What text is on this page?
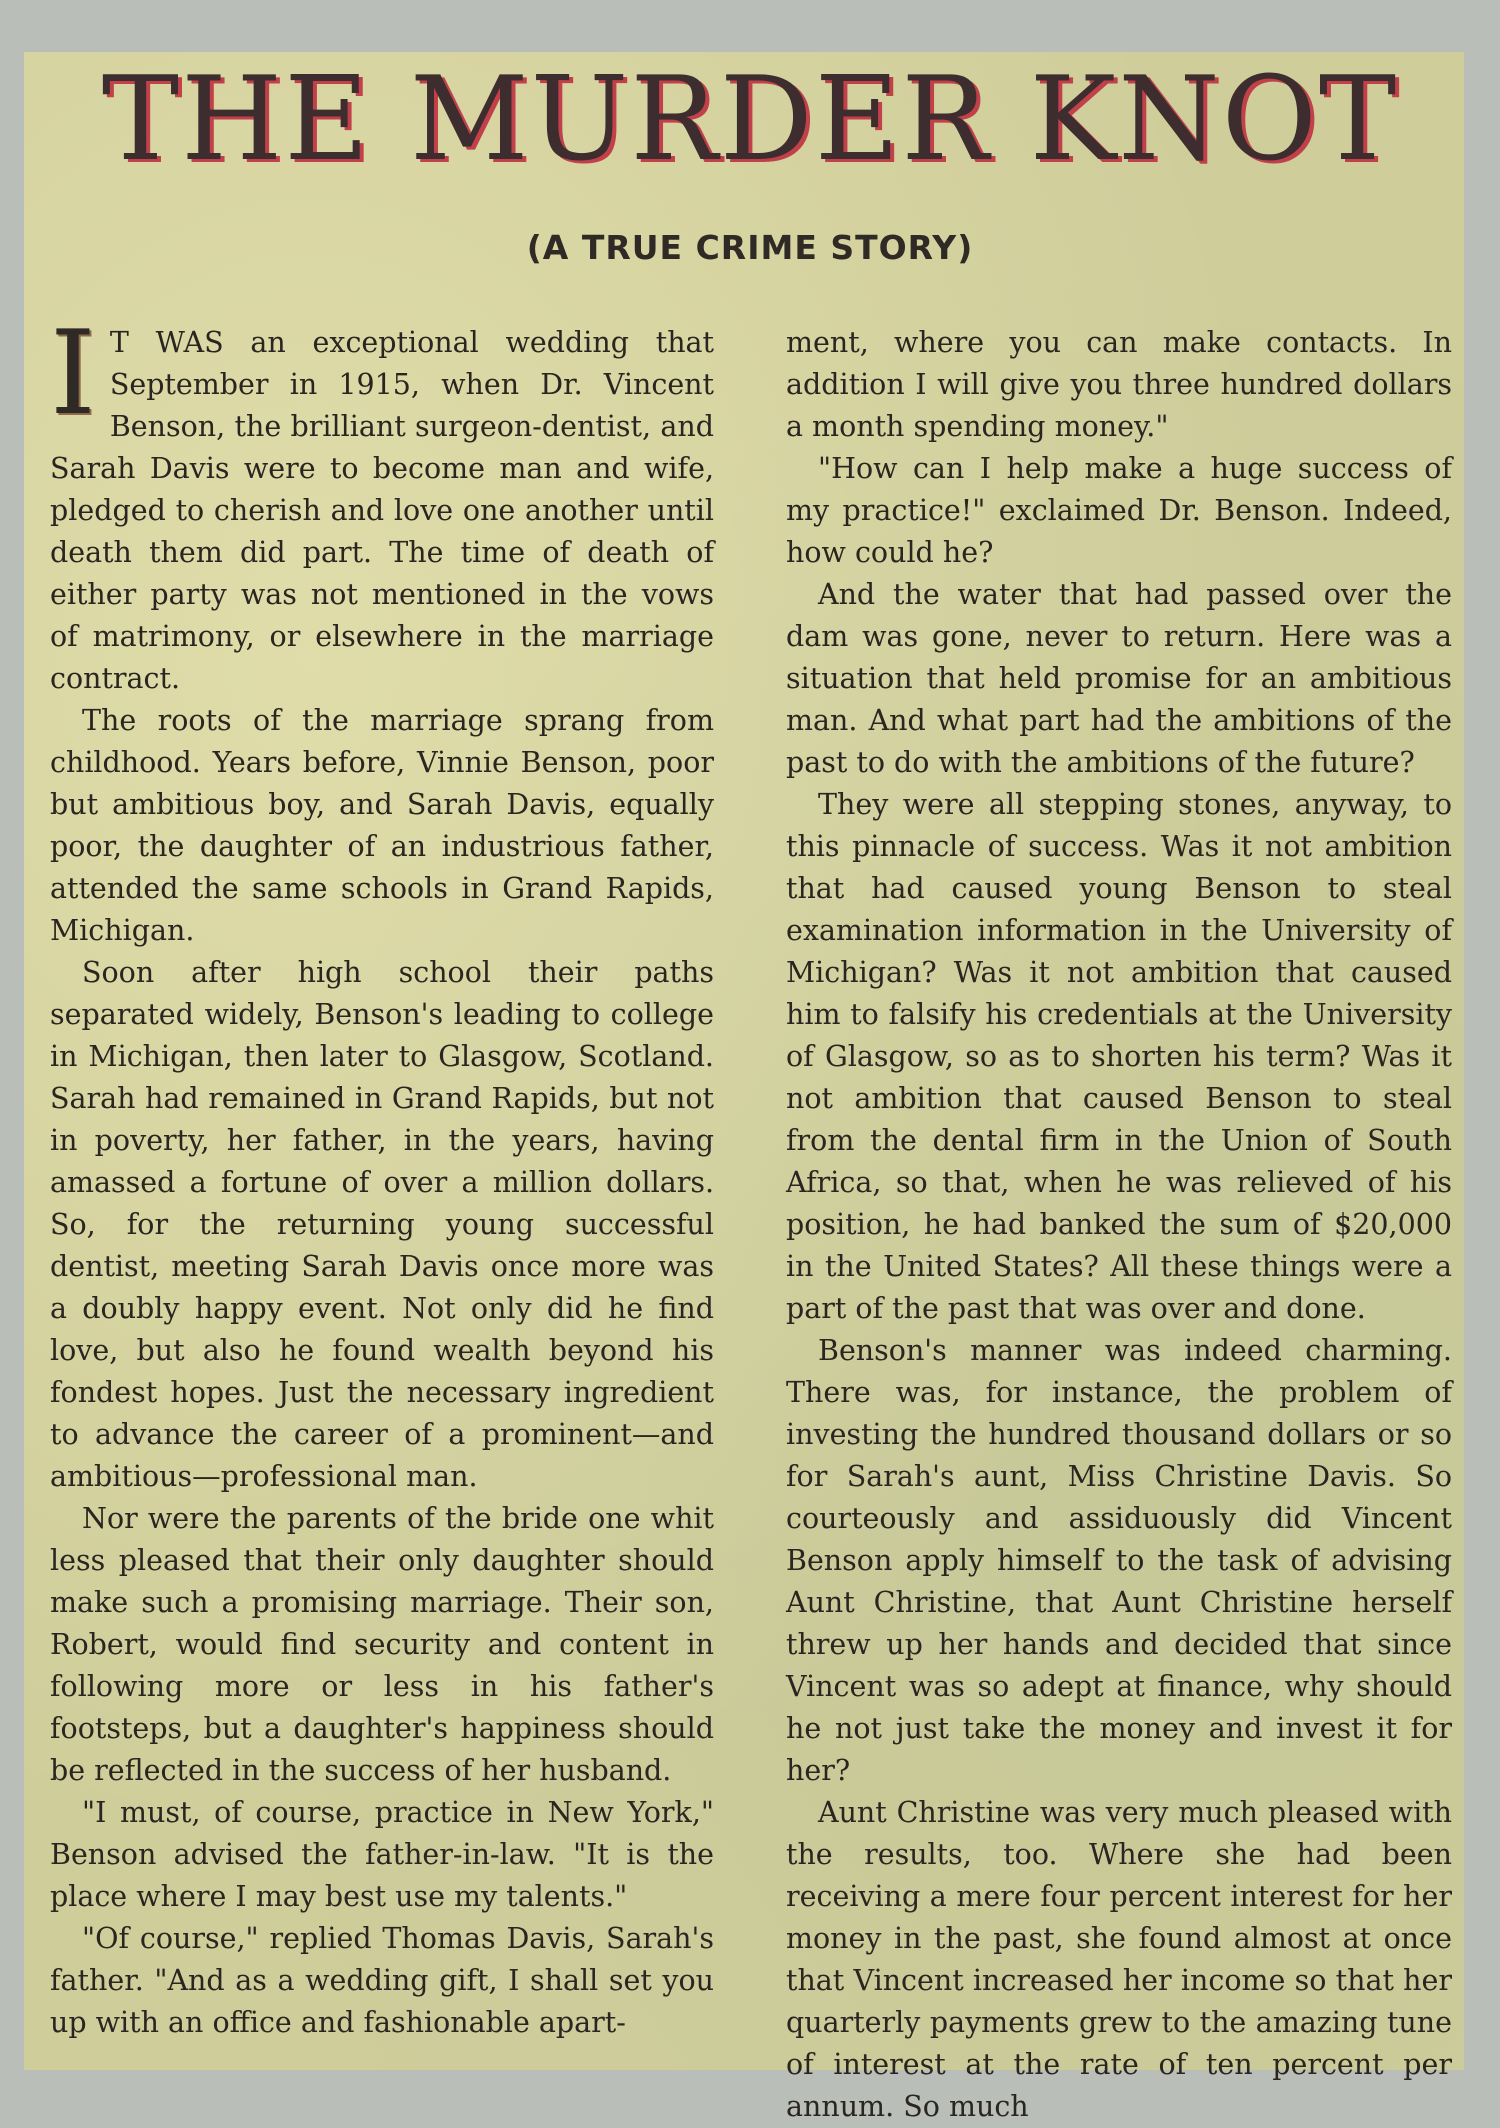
THE MURDER KNOT
(A TRUE CRIME STORY)

I T WAS an exceptional wedding that September in 1915, when Dr. Vincent Benson, the brilliant surgeon-dentist, and Sarah Davis were to become man and wife, pledged to cherish and love one another until death them did part. The time of death of either party was not mentioned in the vows of matrimony, or elsewhere in the marriage contract.

The roots of the marriage sprang from childhood. Years before, Vinnie Benson, poor but ambitious boy, and Sarah Davis, equally poor, the daughter of an industrious father, attended the same schools in Grand Rapids, Michigan.

Soon after high school their paths separated widely, Benson's leading to college in Michigan, then later to Glasgow, Scotland. Sarah had remained in Grand Rapids, but not in poverty, her father, in the years, having amassed a fortune of over a million dollars. So, for the returning young successful dentist, meeting Sarah Davis once more was a doubly happy event. Not only did he find love, but also he found wealth beyond his fondest hopes. Just the necessary ingredient to advance the career of a prominent—and ambitious—professional man.

Nor were the parents of the bride one whit less pleased that their only daughter should make such a promising marriage. Their son, Robert, would find security and content in following more or less in his father's footsteps, but a daughter's happiness should be reflected in the success of her husband.

"I must, of course, practice in New York," Benson advised the father-in-law. "It is the place where I may best use my talents."

"Of course," replied Thomas Davis, Sarah's father. "And as a wedding gift, I shall set you up with an office and fashionable apart-

ment, where you can make contacts. In addition I will give you three hundred dollars a month spending money."

"How can I help make a huge success of my practice!" exclaimed Dr. Benson. Indeed, how could he?

And the water that had passed over the dam was gone, never to return. Here was a situation that held promise for an ambitious man. And what part had the ambitions of the past to do with the ambitions of the future?

They were all stepping stones, anyway, to this pinnacle of success. Was it not ambition that had caused young Benson to steal examination information in the University of Michigan? Was it not ambition that caused him to falsify his credentials at the University of Glasgow, so as to shorten his term? Was it not ambition that caused Benson to steal from the dental firm in the Union of South Africa, so that, when he was relieved of his position, he had banked the sum of $20,000 in the United States? All these things were a part of the past that was over and done.

Benson's manner was indeed charming. There was, for instance, the problem of investing the hundred thousand dollars or so for Sarah's aunt, Miss Christine Davis. So courteously and assiduously did Vincent Benson apply himself to the task of advising Aunt Christine, that Aunt Christine herself threw up her hands and decided that since Vincent was so adept at finance, why should he not just take the money and invest it for her?

Aunt Christine was very much pleased with the results, too. Where she had been receiving a mere four percent interest for her money in the past, she found almost at once that Vincent increased her income so that her quarterly payments grew to the amazing tune of interest at the rate of ten percent per annum. So much
